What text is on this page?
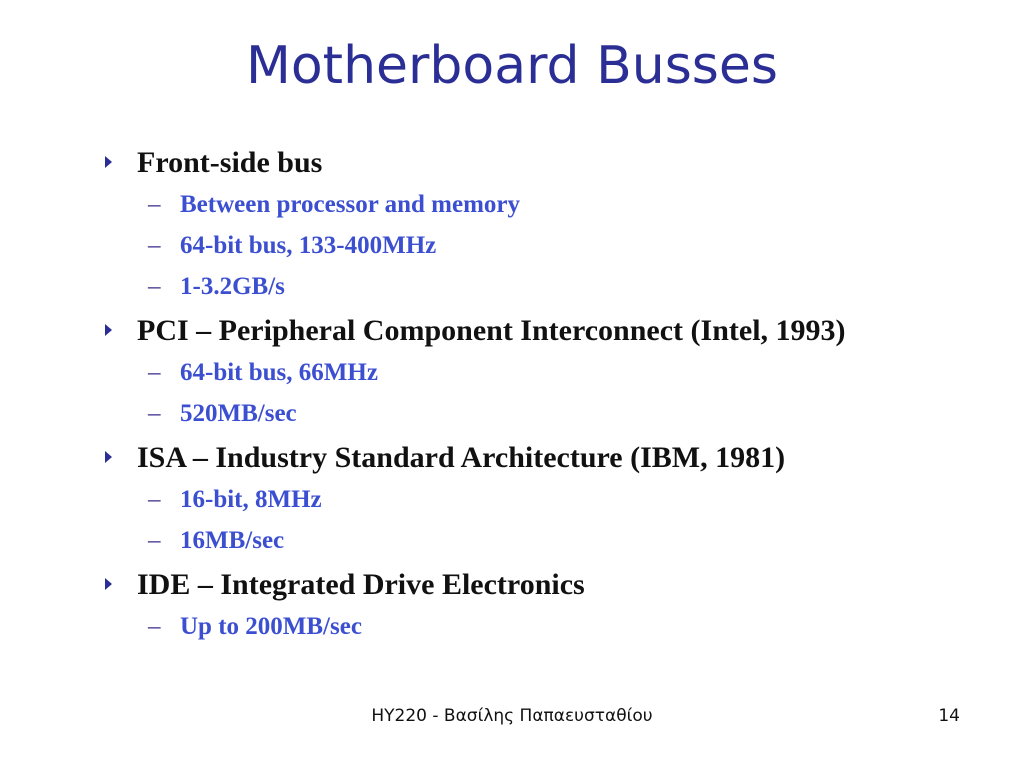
Motherboard Busses
Front-side bus
– Between processor and memory
– 64-bit bus, 133-400MHz
– 1-3.2GB/s
PCI – Peripheral Component Interconnect (Intel, 1993)
– 64-bit bus, 66MHz
– 520MB/sec
ISA – Industry Standard Architecture (IBM, 1981)
– 16-bit, 8MHz
– 16MB/sec
IDE – Integrated Drive Electronics
– Up to 200MB/sec
ΗΥ220 - Βασίλης Παπαευσταθίου	14
